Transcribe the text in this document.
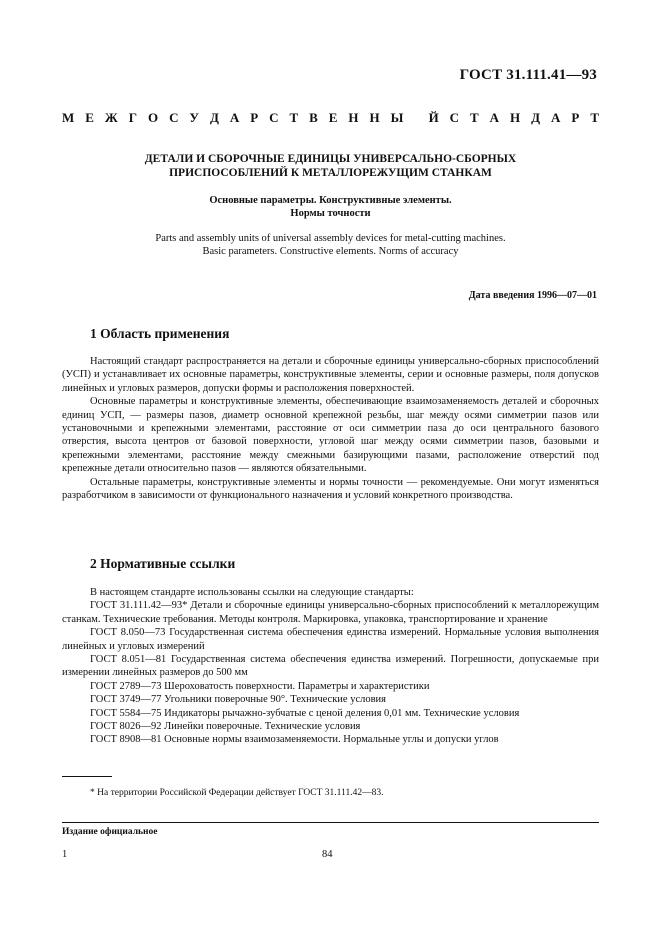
ГОСТ 31.111.41—93
М Е Ж Г О С У Д А Р С Т В Е Н Н Ы
Й С Т А Н Д А Р Т
ДЕТАЛИ И СБОРОЧНЫЕ ЕДИНИЦЫ УНИВЕРСАЛЬНО-СБОРНЫХ
ПРИСПОСОБЛЕНИЙ К МЕТАЛЛОРЕЖУЩИМ СТАНКАМ
Основные параметры. Конструктивные элементы.
Нормы точности
Parts and assembly units of universal assembly devices for metal-cutting machines.
Basic parameters. Constructive elements. Norms of accuracy
Дата введения 1996—07—01
1 Область применения

Настоящий стандарт распространяется на детали и сборочные единицы универсально-сборных приспособлений (УСП) и устанавливает их основные параметры, конструктивные элементы, серии и основные размеры, поля допусков линейных и угловых размеров, допуски формы и расположения поверхностей.

Основные параметры и конструктивные элементы, обеспечивающие взаимозаменяемость деталей и сборочных единиц УСП, — размеры пазов, диаметр основной крепежной резьбы, шаг между осями симметрии пазов или установочными и крепежными элементами, расстояние от оси симметрии паза до оси центрального базового отверстия, высота центров от базовой поверхности, угловой шаг между осями симметрии пазов, базовыми и крепежными элементами, расстояние между смежными базирующими пазами, расположение отверстий под крепежные детали относительно пазов — являются обязательными.

Остальные параметры, конструктивные элементы и нормы точности — рекомендуемые. Они могут изменяться разработчиком в зависимости от функционального назначения и условий конкретного производства.

2 Нормативные ссылки

В настоящем стандарте использованы ссылки на следующие стандарты:

ГОСТ 31.111.42—93* Детали и сборочные единицы универсально-сборных приспособлений к металлорежущим станкам. Технические требования. Методы контроля. Маркировка, упаковка, транспортирование и хранение

ГОСТ 8.050—73 Государственная система обеспечения единства измерений. Нормальные условия выполнения линейных и угловых измерений

ГОСТ 8.051—81 Государственная система обеспечения единства измерений. Погрешности, допускаемые при измерении линейных размеров до 500 мм

ГОСТ 2789—73 Шероховатость поверхности. Параметры и характеристики

ГОСТ 3749—77 Угольники поверочные 90°. Технические условия

ГОСТ 5584—75 Индикаторы рычажно-зубчатые с ценой деления 0,01 мм. Технические условия

ГОСТ 8026—92 Линейки поверочные. Технические условия

ГОСТ 8908—81 Основные нормы взаимозаменяемости. Нормальные углы и допуски углов

* На территории Российской Федерации действует ГОСТ 31.111.42—83.
Издание официальное
1	84
